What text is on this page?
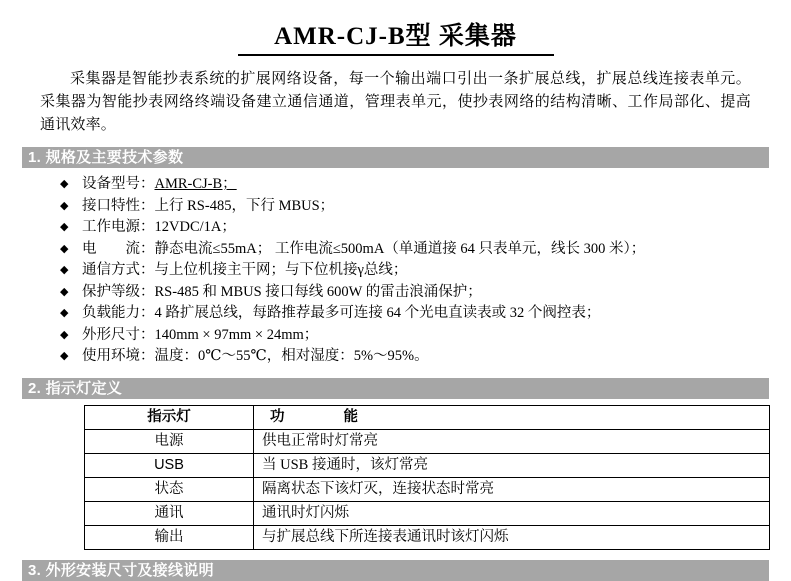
AMR-CJ-B型 采集器

采集器是智能抄表系统的扩展网络设备，每一个输出端口引出一条扩展总线，扩展总线连接表单元。采集器为智能抄表网络终端设备建立通信通道，管理表单元，使抄表网络的结构清晰、工作局部化、提高通讯效率。

1. 规格及主要技术参数
◆ 设备型号：AMR-CJ-B；
◆ 接口特性：上行 RS-485，下行 MBUS；
◆ 工作电源：12VDC/1A；
◆ 电　　流：静态电流≤55mA； 工作电流≤500mA（单通道接 64 只表单元，线长 300 米）；
◆ 通信方式：与上位机接主干网；与下位机接γ总线；
◆ 保护等级：RS-485 和 MBUS 接口每线 600W 的雷击浪涌保护；
◆ 负载能力：4 路扩展总线，每路推荐最多可连接 64 个光电直读表或 32 个阀控表；
◆ 外形尺寸：140mm × 97mm × 24mm；
◆ 使用环境：温度：0℃～55℃，相对湿度：5%～95%。
2. 指示灯定义
指示灯	功　　能
电源	供电正常时灯常亮
USB	当 USB 接通时，该灯常亮
状态	隔离状态下该灯灭，连接状态时常亮
通讯	通讯时灯闪烁
输出	与扩展总线下所连接表通讯时该灯闪烁
3. 外形安装尺寸及接线说明
